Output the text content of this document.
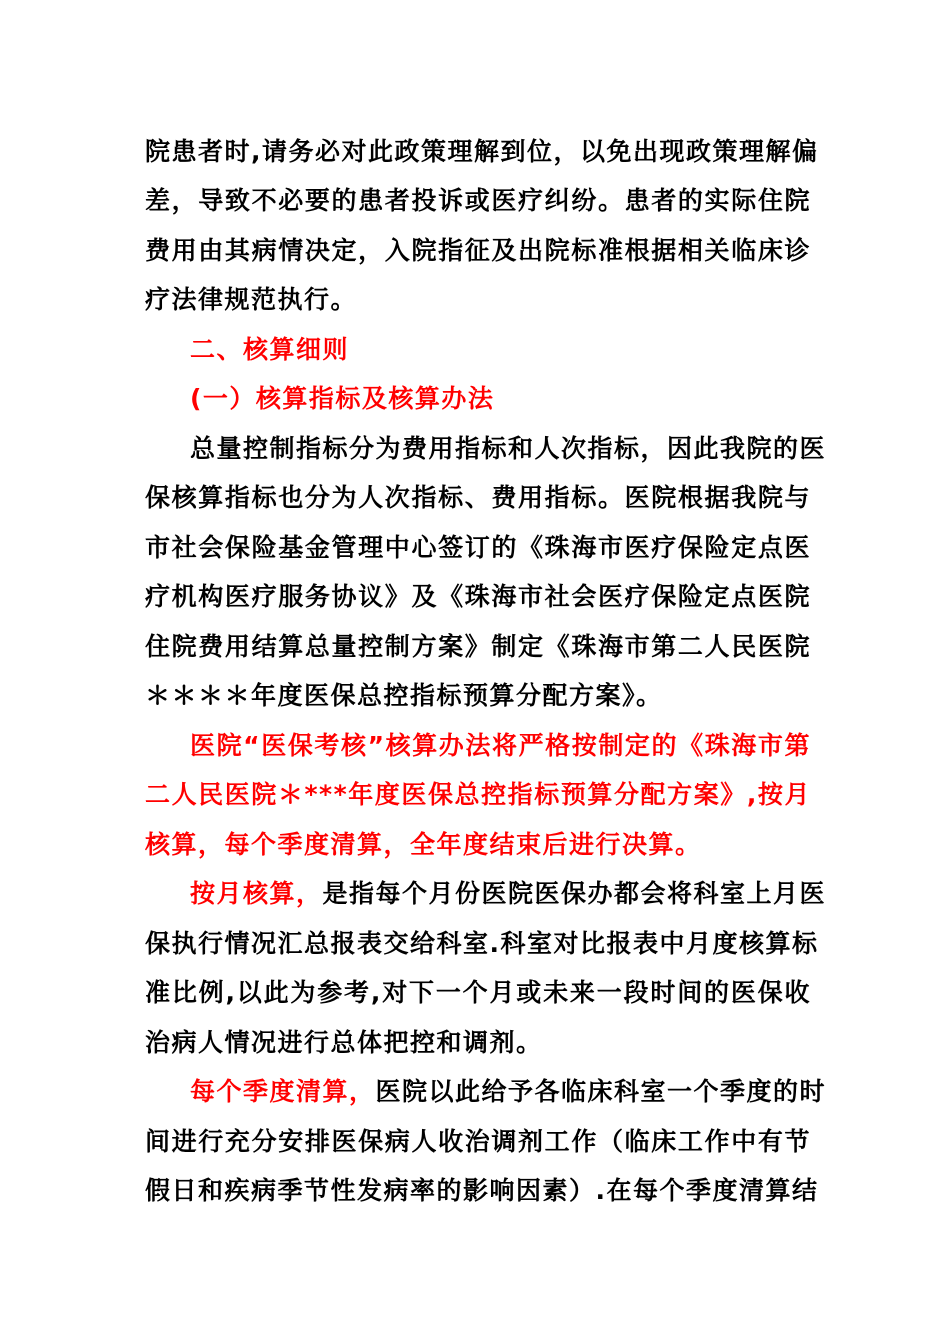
院患者时,请务必对此政策理解到位，以免出现政策理解偏
差，导致不必要的患者投诉或医疗纠纷。患者的实际住院
费用由其病情决定，入院指征及出院标准根据相关临床诊
疗法律规范执行。
二、核算细则
(一）核算指标及核算办法
总量控制指标分为费用指标和人次指标，因此我院的医
保核算指标也分为人次指标、费用指标。医院根据我院与
市社会保险基金管理中心签订的《珠海市医疗保险定点医
疗机构医疗服务协议》及《珠海市社会医疗保险定点医院
住院费用结算总量控制方案》制定《珠海市第二人民医院
＊＊＊＊年度医保总控指标预算分配方案》。
医院“医保考核”核算办法将严格按制定的《珠海市第
二人民医院＊***年度医保总控指标预算分配方案》,按月
核算，每个季度清算，全年度结束后进行决算。
按月核算，是指每个月份医院医保办都会将科室上月医
保执行情况汇总报表交给科室.科室对比报表中月度核算标
准比例,以此为参考,对下一个月或未来一段时间的医保收
治病人情况进行总体把控和调剂。
每个季度清算，医院以此给予各临床科室一个季度的时
间进行充分安排医保病人收治调剂工作（临床工作中有节
假日和疾病季节性发病率的影响因素）.在每个季度清算结
